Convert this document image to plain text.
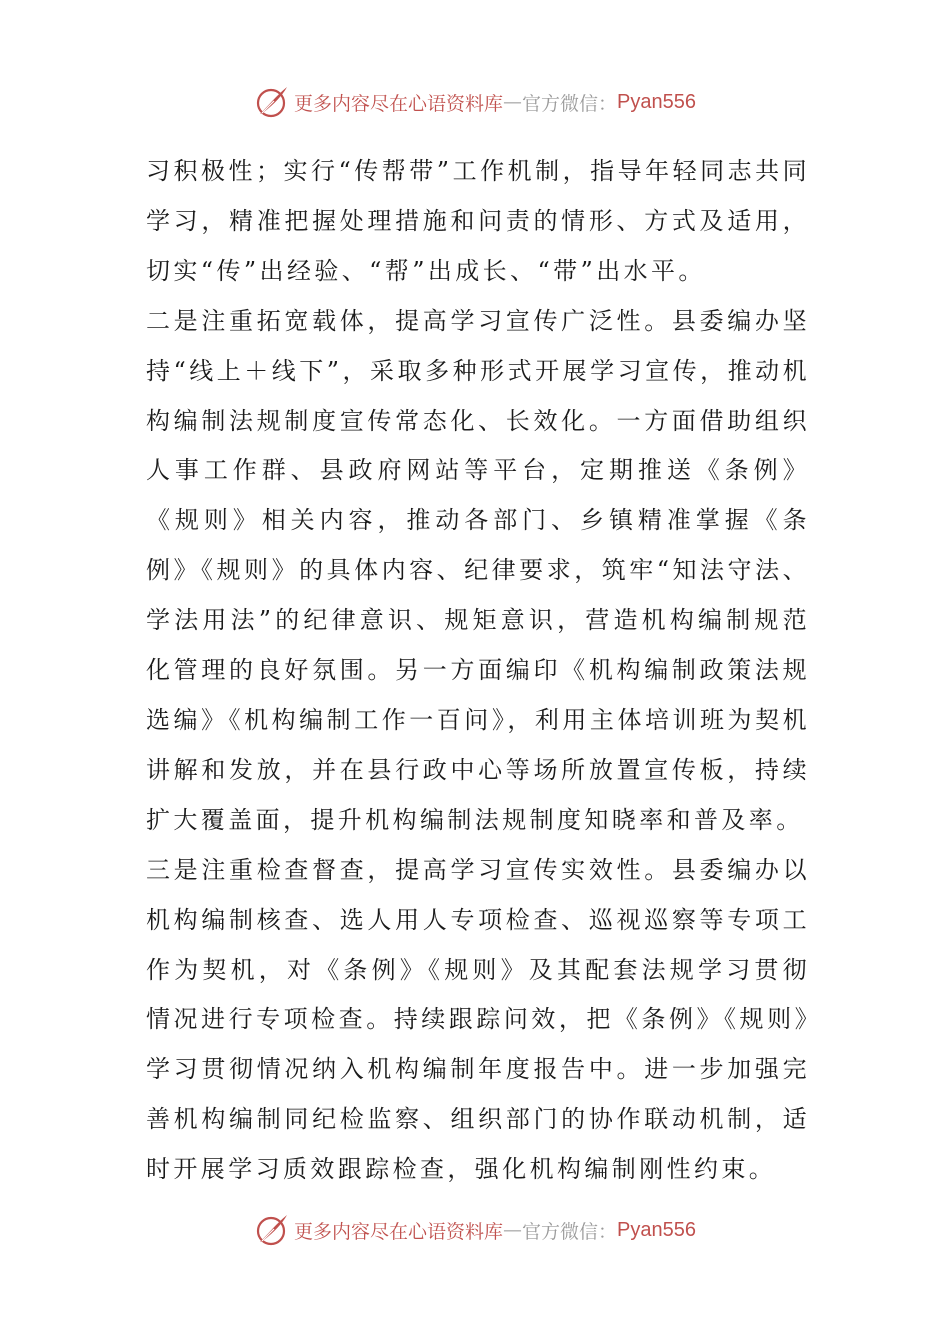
更多内容尽在心语资料库 — 官方微信： Pyan556

习积极性；实行“传帮带”工作机制，指导年轻同志共同学习，精准把握处理措施和问责的情形、方式及适用，切实“传”出经验、“帮”出成长、“带”出水平。

二是注重拓宽载体，提高学习宣传广泛性。县委编办坚持“线上＋线下”，采取多种形式开展学习宣传，推动机构编制法规制度宣传常态化、长效化。一方面借助组织人事工作群、县政府网站等平台，定期推送《条例》《规则》相关内容，推动各部门、乡镇精准掌握《条例》《规则》的具体内容、纪律要求，筑牢“知法守法、学法用法”的纪律意识、规矩意识，营造机构编制规范化管理的良好氛围。另一方面编印《机构编制政策法规选编》《机构编制工作一百问》，利用主体培训班为契机讲解和发放，并在县行政中心等场所放置宣传板，持续扩大覆盖面，提升机构编制法规制度知晓率和普及率。

三是注重检查督查，提高学习宣传实效性。县委编办以机构编制核查、选人用人专项检查、巡视巡察等专项工作为契机，对《条例》《规则》及其配套法规学习贯彻情况进行专项检查。持续跟踪问效，把《条例》《规则》学习贯彻情况纳入机构编制年度报告中。进一步加强完善机构编制同纪检监察、组织部门的协作联动机制，适时开展学习质效跟踪检查，强化机构编制刚性约束。

更多内容尽在心语资料库 — 官方微信： Pyan556
